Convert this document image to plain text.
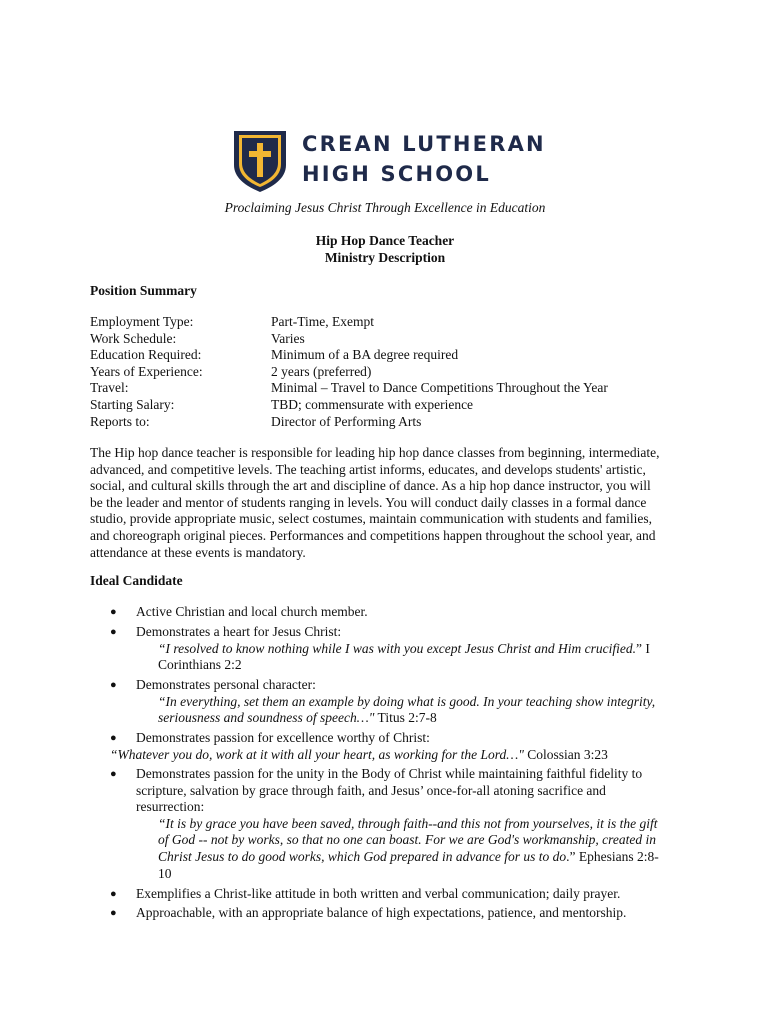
CREAN LUTHERAN
HIGH SCHOOL
Proclaiming Jesus Christ Through Excellence in Education
Hip Hop Dance Teacher
Ministry Description
Position Summary
Employment Type:	Part-Time, Exempt
Work Schedule:	Varies
Education Required:	Minimum of a BA degree required
Years of Experience:	2 years (preferred)
Travel:	Minimal – Travel to Dance Competitions Throughout the Year
Starting Salary:	TBD; commensurate with experience
Reports to:	Director of Performing Arts
The Hip hop dance teacher is responsible for leading hip hop dance classes from beginning, intermediate,
advanced, and competitive levels. The teaching artist informs, educates, and develops students' artistic,
social, and cultural skills through the art and discipline of dance. As a hip hop dance instructor, you will
be the leader and mentor of students ranging in levels. You will conduct daily classes in a formal dance
studio, provide appropriate music, select costumes, maintain communication with students and families,
and choreograph original pieces. Performances and competitions happen throughout the school year, and
attendance at these events is mandatory.
Ideal Candidate
● Active Christian and local church member.
● Demonstrates a heart for Jesus Christ:
“I resolved to know nothing while I was with you except Jesus Christ and Him crucified.” I
Corinthians 2:2
● Demonstrates personal character:
“In everything, set them an example by doing what is good. In your teaching show integrity,
seriousness and soundness of speech…" Titus 2:7-8
● Demonstrates passion for excellence worthy of Christ:
“Whatever you do, work at it with all your heart, as working for the Lord…" Colossian 3:23
● Demonstrates passion for the unity in the Body of Christ while maintaining faithful fidelity to
scripture, salvation by grace through faith, and Jesus’ once-for-all atoning sacrifice and
resurrection:
“It is by grace you have been saved, through faith--and this not from yourselves, it is the gift
of God -- not by works, so that no one can boast. For we are God's workmanship, created in
Christ Jesus to do good works, which God prepared in advance for us to do.” Ephesians 2:8-
10
● Exemplifies a Christ-like attitude in both written and verbal communication; daily prayer.
● Approachable, with an appropriate balance of high expectations, patience, and mentorship.
